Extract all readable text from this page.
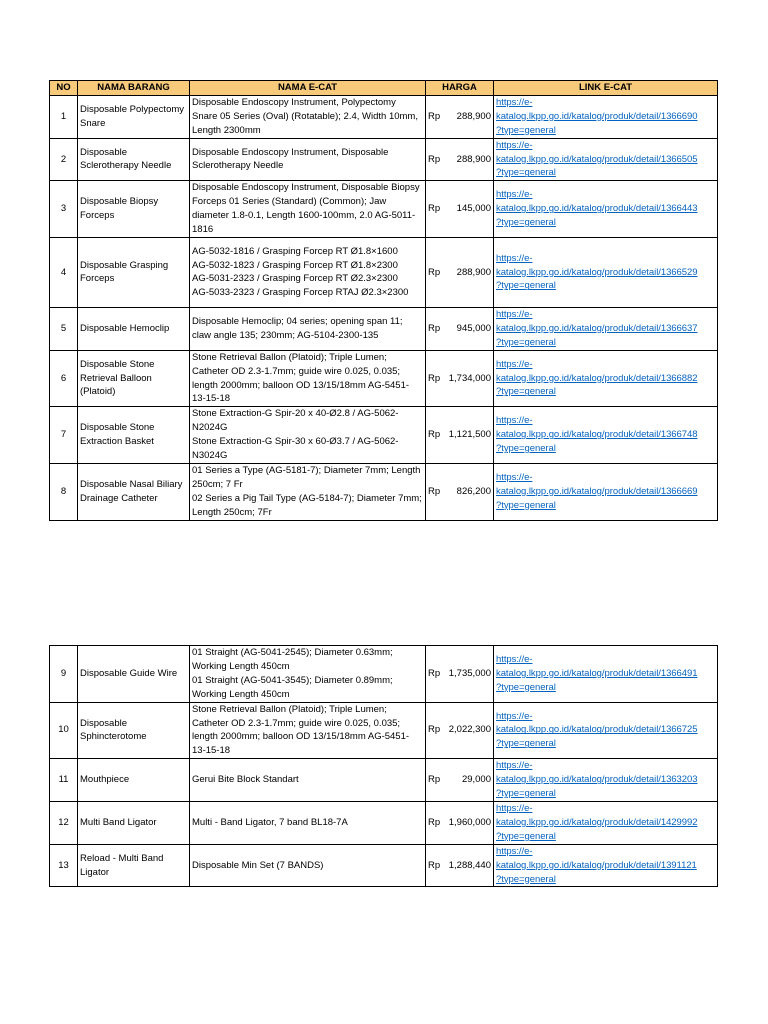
NO	NAMA BARANG	NAMA E-CAT	HARGA	LINK E-CAT
1	Disposable Polypectomy Snare	Disposable Endoscopy Instrument, Polypectomy
Snare 05 Series (Oval) (Rotatable); 2.4, Width 10mm,
Length 2300mm	Rp 288,900	https://e-
katalog.lkpp.go.id/katalog/produk/detail/1366690
?type=general

2	Disposable Sclerotherapy Needle	Disposable Endoscopy Instrument, Disposable
Sclerotherapy Needle	Rp 288,900	https://e-
katalog.lkpp.go.id/katalog/produk/detail/1366505
?type=general

3	Disposable Biopsy Forceps	Disposable Endoscopy Instrument, Disposable Biopsy
Forceps 01 Series (Standard) (Common); Jaw
diameter 1.8-0.1, Length 1600-100mm, 2.0 AG-5011-
1816	Rp 145,000	https://e-
katalog.lkpp.go.id/katalog/produk/detail/1366443
?type=general

4	Disposable Grasping Forceps	AG-5032-1816 / Grasping Forcep RT Ø1.8×1600
AG-5032-1823 / Grasping Forcep RT Ø1.8×2300
AG-5031-2323 / Grasping Forcep RT Ø2.3×2300
AG-5033-2323 / Grasping Forcep RTAJ Ø2.3×2300	Rp 288,900	https://e-
katalog.lkpp.go.id/katalog/produk/detail/1366529
?type=general

5	Disposable Hemoclip	Disposable Hemoclip; 04 series; opening span 11;
claw angle 135; 230mm; AG-5104-2300-135	Rp 945,000	https://e-
katalog.lkpp.go.id/katalog/produk/detail/1366637
?type=general

6	Disposable Stone Retrieval Balloon (Platoid)	Stone Retrieval Ballon (Platoid); Triple Lumen;
Catheter OD 2.3-1.7mm; guide wire 0.025, 0.035;
length 2000mm; balloon OD 13/15/18mm AG-5451-
13-15-18	Rp 1,734,000	https://e-
katalog.lkpp.go.id/katalog/produk/detail/1366882
?type=general

7	Disposable Stone Extraction Basket	Stone Extraction-G Spir-20 x 40-Ø2.8 / AG-5062-
N2024G
Stone Extraction-G Spir-30 x 60-Ø3.7 / AG-5062-
N3024G	Rp 1,121,500	https://e-
katalog.lkpp.go.id/katalog/produk/detail/1366748
?type=general

8	Disposable Nasal Biliary Drainage Catheter	01 Series a Type (AG-5181-7); Diameter 7mm; Length
250cm; 7 Fr
02 Series a Pig Tail Type (AG-5184-7); Diameter 7mm;
Length 250cm; 7Fr	Rp 826,200	https://e-
katalog.lkpp.go.id/katalog/produk/detail/1366669
?type=general
9	Disposable Guide Wire	01 Straight (AG-5041-2545); Diameter 0.63mm;
Working Length 450cm
01 Straight (AG-5041-3545); Diameter 0.89mm;
Working Length 450cm	Rp 1,735,000	https://e-
katalog.lkpp.go.id/katalog/produk/detail/1366491
?type=general

10	Disposable Sphincterotome	Stone Retrieval Ballon (Platoid); Triple Lumen;
Catheter OD 2.3-1.7mm; guide wire 0.025, 0.035;
length 2000mm; balloon OD 13/15/18mm AG-5451-
13-15-18	Rp 2,022,300	https://e-
katalog.lkpp.go.id/katalog/produk/detail/1366725
?type=general

11	Mouthpiece	Gerui Bite Block Standart	Rp 29,000	https://e-
katalog.lkpp.go.id/katalog/produk/detail/1363203
?type=general

12	Multi Band Ligator	Multi - Band Ligator, 7 band BL18-7A	Rp 1,960,000	https://e-
katalog.lkpp.go.id/katalog/produk/detail/1429992
?type=general

13	Reload - Multi Band Ligator	Disposable Min Set (7 BANDS)	Rp 1,288,440	https://e-
katalog.lkpp.go.id/katalog/produk/detail/1391121
?type=general
